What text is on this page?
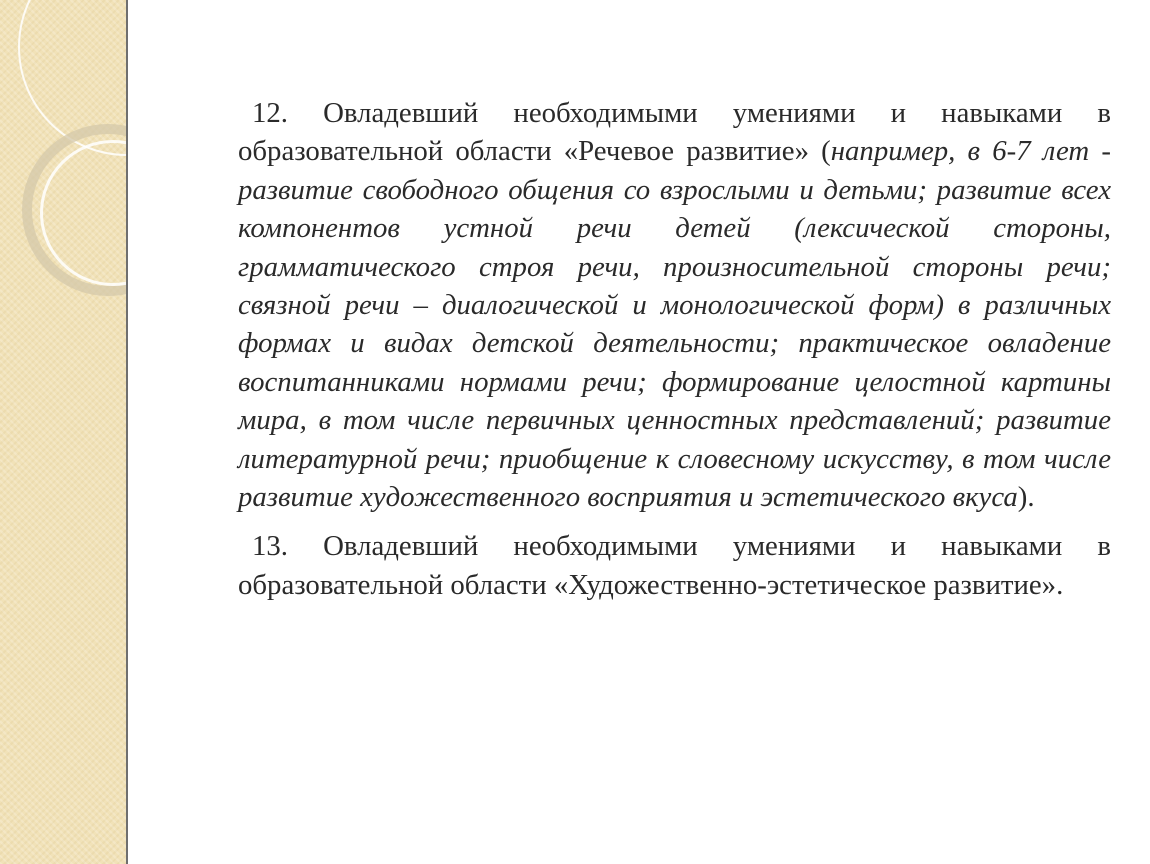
12. Овладевший необходимыми умениями и навыками в образовательной области «Речевое развитие» (например, в 6-7 лет - развитие свободного общения со взрослыми и детьми; развитие всех компонентов устной речи детей (лексической стороны, грамматического строя речи, произносительной стороны речи; связной речи – диалогической и монологической форм) в различных формах и видах детской деятельности; практическое овладение воспитанниками нормами речи; формирование целостной картины мира, в том числе первичных ценностных представлений; развитие литературной речи; приобщение к словесному искусству, в том числе развитие художественного восприятия и эстетического вкуса).

13. Овладевший необходимыми умениями и навыками в образовательной области «Художественно-эстетическое развитие».
